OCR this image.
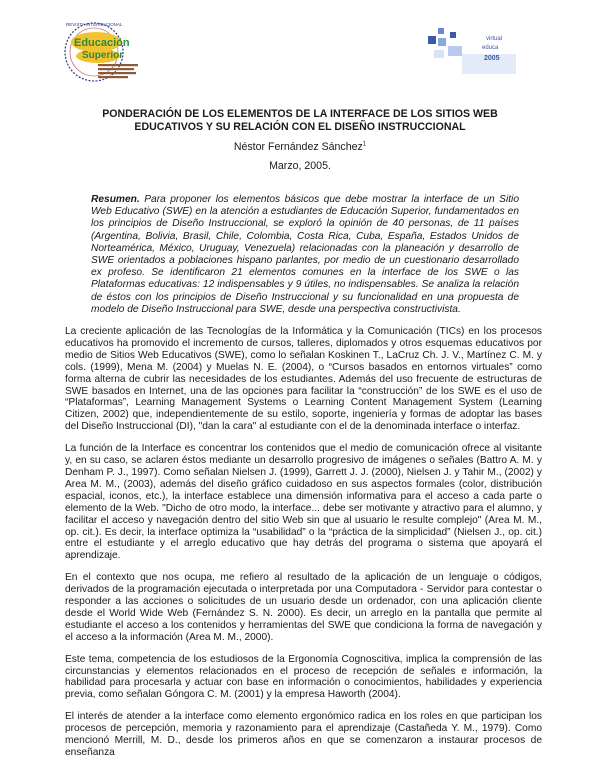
Educación
Superior
REVISTA INTERNACIONAL
virtual
educa
2005
PONDERACIÓN DE LOS ELEMENTOS DE LA INTERFACE DE LOS SITIOS WEB
EDUCATIVOS Y SU RELACIÓN CON EL DISEÑO INSTRUCCIONAL
Néstor Fernández Sánchez$^1$
Marzo, 2005.
Resumen. Para proponer los elementos básicos que debe mostrar la interface de un Sitio Web Educativo (SWE) en la atención a estudiantes de Educación Superior, fundamentados en los principios de Diseño Instruccional, se exploró la opinión de 40 personas, de 11 países (Argentina, Bolivia, Brasil, Chile, Colombia, Costa Rica, Cuba, España, Estados Unidos de Norteamérica, México, Uruguay, Venezuela) relacionadas con la planeación y desarrollo de SWE orientados a poblaciones hispano parlantes, por medio de un cuestionario desarrollado ex profeso. Se identificaron 21 elementos comunes en la interface de los SWE o las Plataformas educativas: 12 indispensables y 9 útiles, no indispensables. Se analiza la relación de éstos con los principios de Diseño Instruccional y su funcionalidad en una propuesta de modelo de Diseño Instruccional para SWE, desde una perspectiva constructivista.

La creciente aplicación de las Tecnologías de la Informática y la Comunicación (TICs) en los procesos educativos ha promovido el incremento de cursos, talleres, diplomados y otros esquemas educativos por medio de Sitios Web Educativos (SWE), como lo señalan Koskinen T., LaCruz Ch. J. V., Martínez C. M. y cols. (1999), Mena M. (2004) y Muelas N. E. (2004), o “Cursos basados en entornos virtuales” como forma alterna de cubrir las necesidades de los estudiantes. Además del uso frecuente de estructuras de SWE basados en Internet, una de las opciones para facilitar la “construcción” de los SWE es el uso de “Plataformas”, Learning Management Systems o Learning Content Management System (Learning Citizen, 2002) que, independientemente de su estilo, soporte, ingeniería y formas de adoptar las bases del Diseño Instruccional (DI), "dan la cara" al estudiante con el de la denominada interface o interfaz.

La función de la Interface es concentrar los contenidos que el medio de comunicación ofrece al visitante y, en su caso, se aclaren éstos mediante un desarrollo progresivo de imágenes o señales (Battro A. M. y Denham P. J., 1997). Como señalan Nielsen J. (1999), Garrett J. J. (2000), Nielsen J. y Tahir M., (2002) y Area M. M., (2003), además del diseño gráfico cuidadoso en sus aspectos formales (color, distribución espacial, iconos, etc.), la interface establece una dimensión informativa para el acceso a cada parte o elemento de la Web. "Dicho de otro modo, la interface... debe ser motivante y atractivo para el alumno, y facilitar el acceso y navegación dentro del sitio Web sin que al usuario le resulte complejo" (Area M. M., op. cit.). Es decir, la interface optimiza la “usabilidad” o la “práctica de la simplicidad” (Nielsen J., op. cit.) entre el estudiante y el arreglo educativo que hay detrás del programa o sistema que apoyará el aprendizaje.

En el contexto que nos ocupa, me refiero al resultado de la aplicación de un lenguaje o códigos, derivados de la programación ejecutada o interpretada por una Computadora - Servidor para contestar o responder a las acciones o solicitudes de un usuario desde un ordenador, con una aplicación cliente desde el World Wide Web (Fernández S. N. 2000). Es decir, un arreglo en la pantalla que permite al estudiante el acceso a los contenidos y herramientas del SWE que condiciona la forma de navegación y el acceso a la información (Area M. M., 2000).

Este tema, competencia de los estudiosos de la Ergonomía Cognoscitiva, implica la comprensión de las circunstancias y elementos relacionados en el proceso de recepción de señales e información, la habilidad para procesarla y actuar con base en información o conocimientos, habilidades y experiencia previa, como señalan Góngora C. M. (2001) y la empresa Haworth (2004).

El interés de atender a la interface como elemento ergonómico radica en los roles en que participan los procesos de percepción, memoria y razonamiento para el aprendizaje (Castañeda Y. M., 1979). Como mencionó Merrill, M. D., desde los primeros años en que se comenzaron a instaurar procesos de enseñanza
